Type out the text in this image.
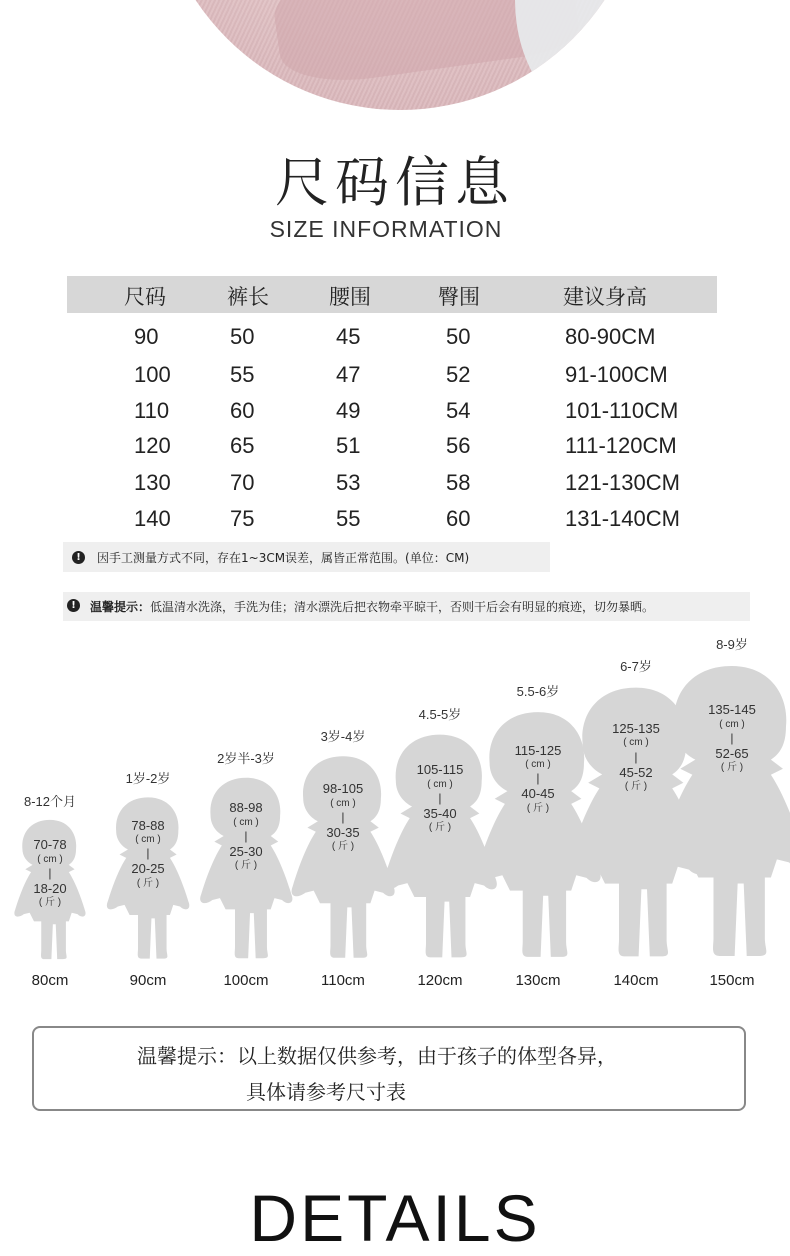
尺码信息
SIZE INFORMATION
尺码	裤长	腰围	臀围	建议身高
90	50	45	50	80-90CM
100	55	47	52	91-100CM
110	60	49	54	101-110CM
120	65	51	56	111-120CM
130	70	53	58	121-130CM
140	75	55	60	131-140CM
!	因手工测量方式不同，存在1~3CM误差，属皆正常范围。(单位：CM)
!	温馨提示：低温清水洗涤，手洗为佳；清水漂洗后把衣物牵平晾干，否则干后会有明显的痕迹，切勿暴晒。
8-12个月
70-78
( cm )
|
18-20
( 斤 )
80cm
1岁-2岁
78-88
( cm )
|
20-25
( 斤 )
90cm
2岁半-3岁
88-98
( cm )
|
25-30
( 斤 )
100cm
3岁-4岁
98-105
( cm )
|
30-35
( 斤 )
110cm
4.5-5岁
105-115
( cm )
|
35-40
( 斤 )
120cm
5.5-6岁
115-125
( cm )
|
40-45
( 斤 )
130cm
6-7岁
125-135
( cm )
|
45-52
( 斤 )
140cm
8-9岁
135-145
( cm )
|
52-65
( 斤 )
150cm
温馨提示：以上数据仅供参考，由于孩子的体型各异，
具体请参考尺寸表
DETAILS
